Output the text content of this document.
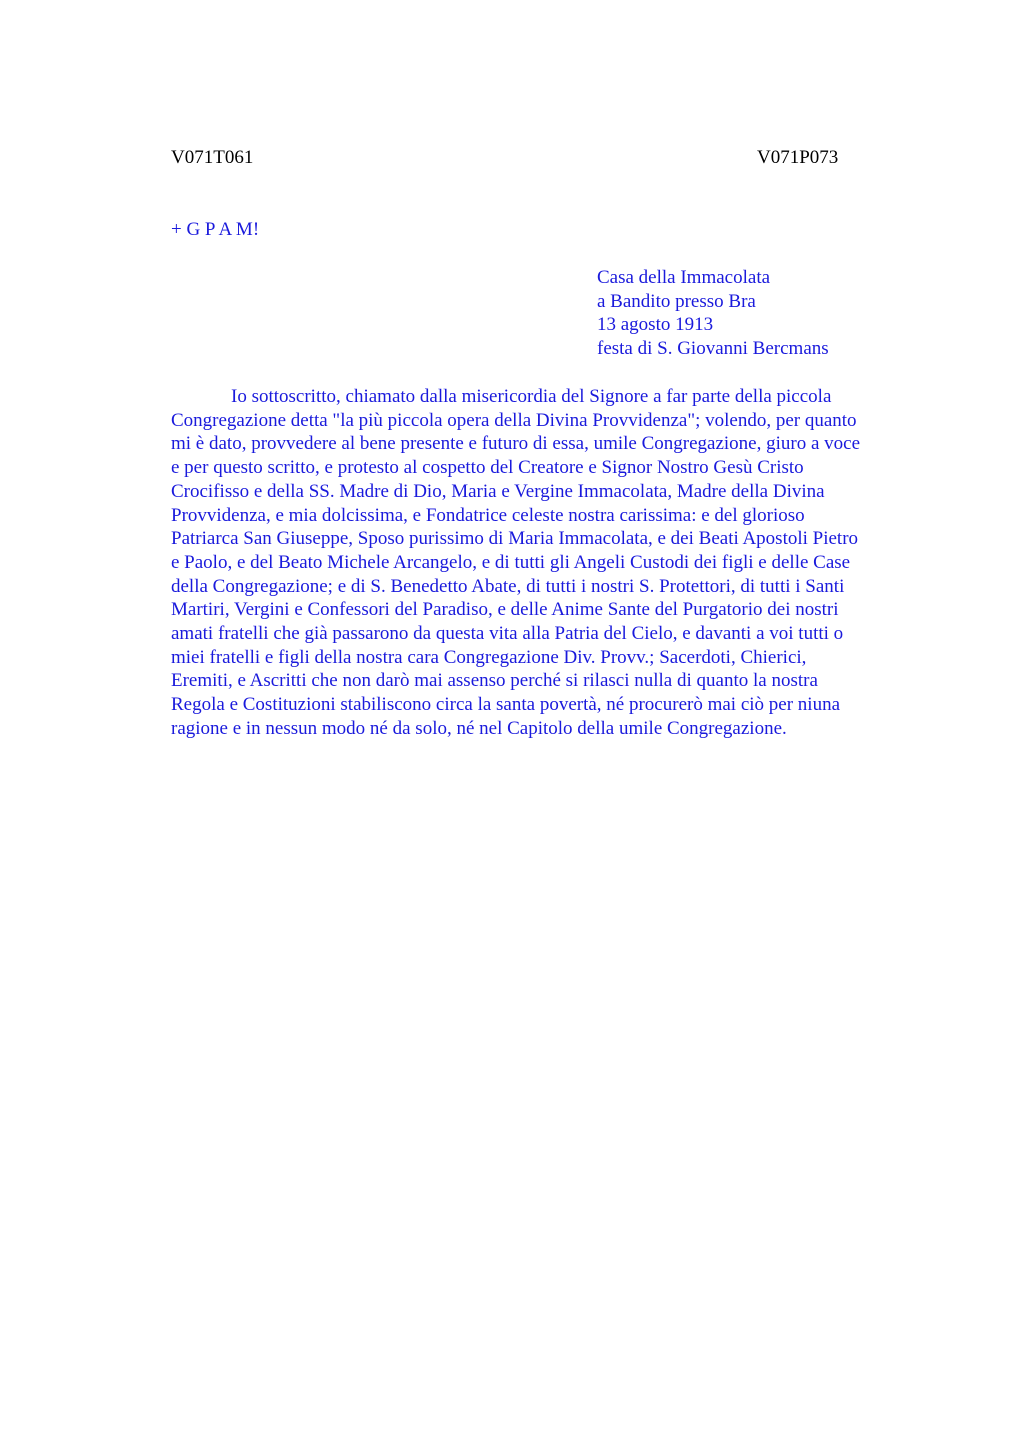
V071T061	V071P073
+ G P A M!
Casa della Immacolata
a Bandito presso Bra
13 agosto 1913
festa di S. Giovanni Bercmans

Io sottoscritto, chiamato dalla misericordia del Signore a far parte della piccola
Congregazione detta "la più piccola opera della Divina Provvidenza"; volendo, per quanto
mi è dato, provvedere al bene presente e futuro di essa, umile Congregazione, giuro a voce
e per questo scritto, e protesto al cospetto del Creatore e Signor Nostro Gesù Cristo
Crocifisso e della SS. Madre di Dio, Maria e Vergine Immacolata, Madre della Divina
Provvidenza, e mia dolcissima, e Fondatrice celeste nostra carissima: e del glorioso
Patriarca San Giuseppe, Sposo purissimo di Maria Immacolata, e dei Beati Apostoli Pietro
e Paolo, e del Beato Michele Arcangelo, e di tutti gli Angeli Custodi dei figli e delle Case
della Congregazione; e di S. Benedetto Abate, di tutti i nostri S. Protettori, di tutti i Santi
Martiri, Vergini e Confessori del Paradiso, e delle Anime Sante del Purgatorio dei nostri
amati fratelli che già passarono da questa vita alla Patria del Cielo, e davanti a voi tutti o
miei fratelli e figli della nostra cara Congregazione Div. Provv.; Sacerdoti, Chierici,
Eremiti, e Ascritti che non darò mai assenso perché si rilasci nulla di quanto la nostra
Regola e Costituzioni stabiliscono circa la santa povertà, né procurerò mai ciò per niuna
ragione e in nessun modo né da solo, né nel Capitolo della umile Congregazione.
